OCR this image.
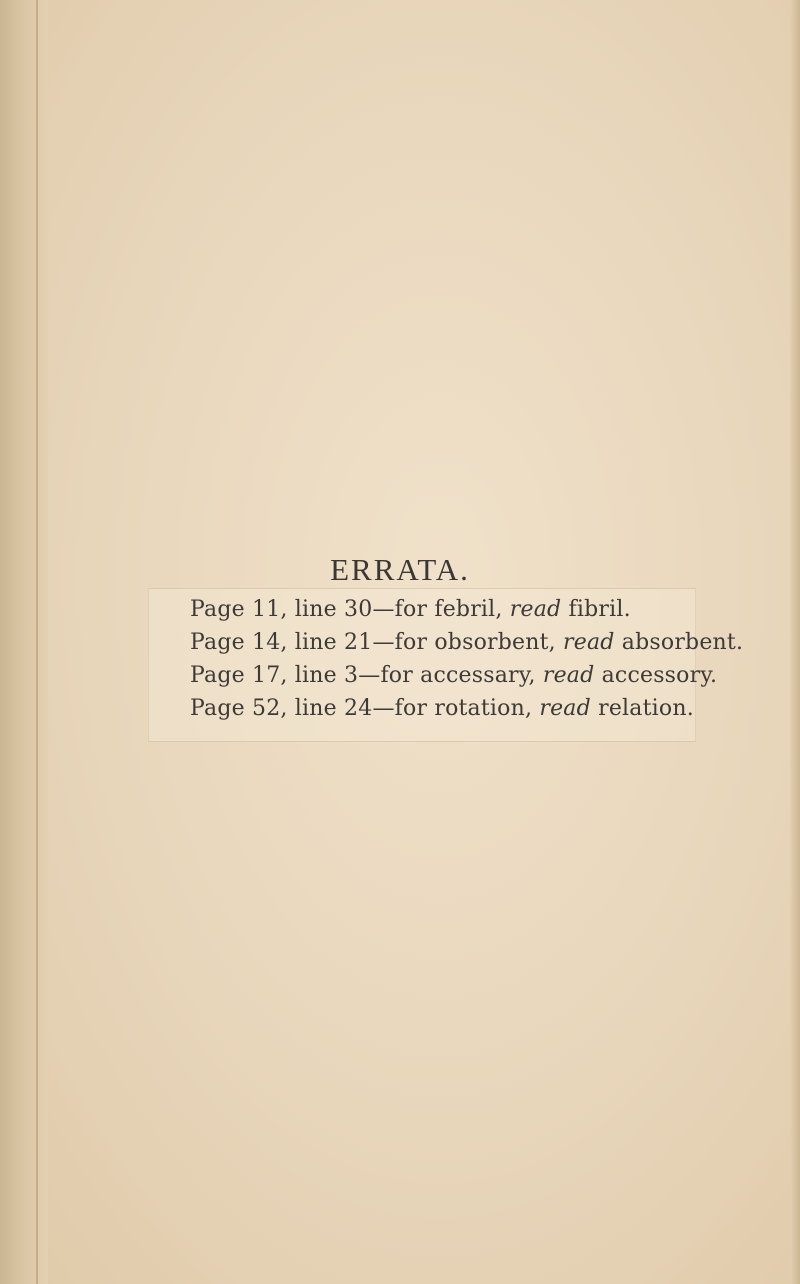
ERRATA.
Page 11, line 30—for febril, read fibril.
Page 14, line 21—for obsorbent, read absorbent.
Page 17, line 3—for accessary, read accessory.
Page 52, line 24—for rotation, read relation.
